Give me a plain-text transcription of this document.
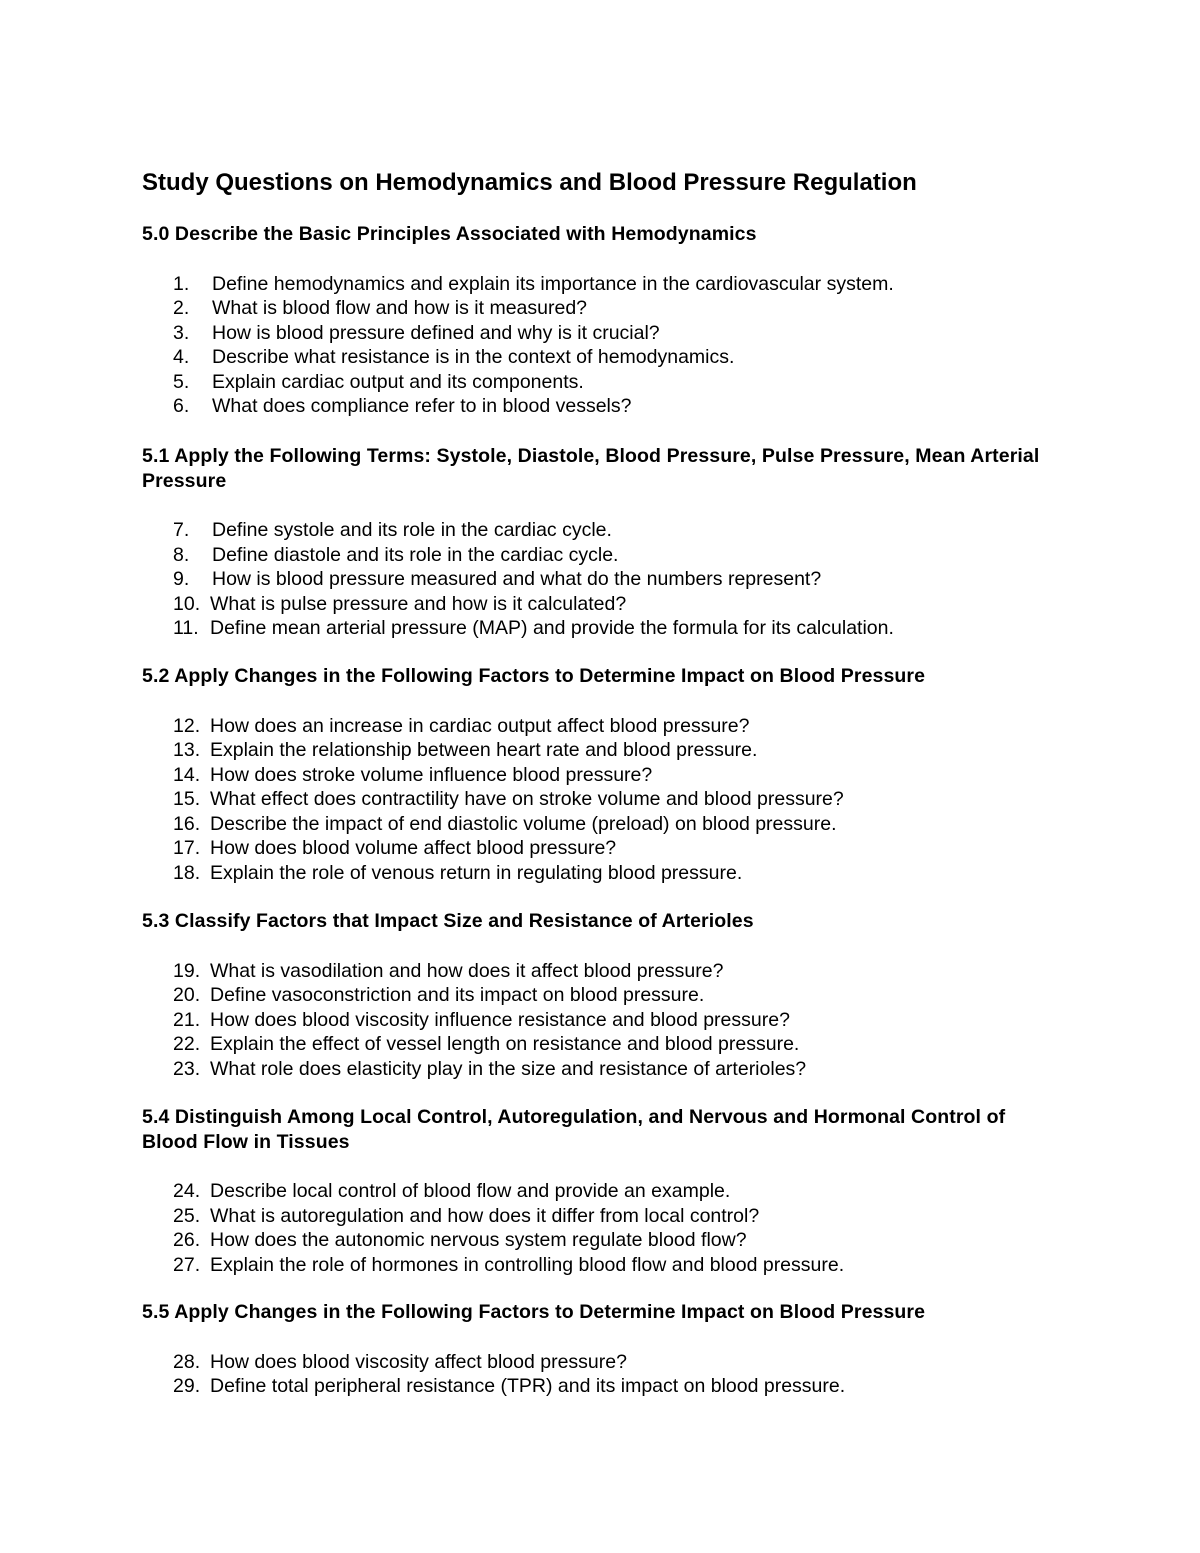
Study Questions on Hemodynamics and Blood Pressure Regulation
5.0 Describe the Basic Principles Associated with Hemodynamics
1. Define hemodynamics and explain its importance in the cardiovascular system.
2. What is blood flow and how is it measured?
3. How is blood pressure defined and why is it crucial?
4. Describe what resistance is in the context of hemodynamics.
5. Explain cardiac output and its components.
6. What does compliance refer to in blood vessels?
5.1 Apply the Following Terms: Systole, Diastole, Blood Pressure, Pulse Pressure, Mean Arterial Pressure
7. Define systole and its role in the cardiac cycle.
8. Define diastole and its role in the cardiac cycle.
9. How is blood pressure measured and what do the numbers represent?
10. What is pulse pressure and how is it calculated?
11. Define mean arterial pressure (MAP) and provide the formula for its calculation.
5.2 Apply Changes in the Following Factors to Determine Impact on Blood Pressure
12. How does an increase in cardiac output affect blood pressure?
13. Explain the relationship between heart rate and blood pressure.
14. How does stroke volume influence blood pressure?
15. What effect does contractility have on stroke volume and blood pressure?
16. Describe the impact of end diastolic volume (preload) on blood pressure.
17. How does blood volume affect blood pressure?
18. Explain the role of venous return in regulating blood pressure.
5.3 Classify Factors that Impact Size and Resistance of Arterioles
19. What is vasodilation and how does it affect blood pressure?
20. Define vasoconstriction and its impact on blood pressure.
21. How does blood viscosity influence resistance and blood pressure?
22. Explain the effect of vessel length on resistance and blood pressure.
23. What role does elasticity play in the size and resistance of arterioles?
5.4 Distinguish Among Local Control, Autoregulation, and Nervous and Hormonal Control of Blood Flow in Tissues
24. Describe local control of blood flow and provide an example.
25. What is autoregulation and how does it differ from local control?
26. How does the autonomic nervous system regulate blood flow?
27. Explain the role of hormones in controlling blood flow and blood pressure.
5.5 Apply Changes in the Following Factors to Determine Impact on Blood Pressure
28. How does blood viscosity affect blood pressure?
29. Define total peripheral resistance (TPR) and its impact on blood pressure.
